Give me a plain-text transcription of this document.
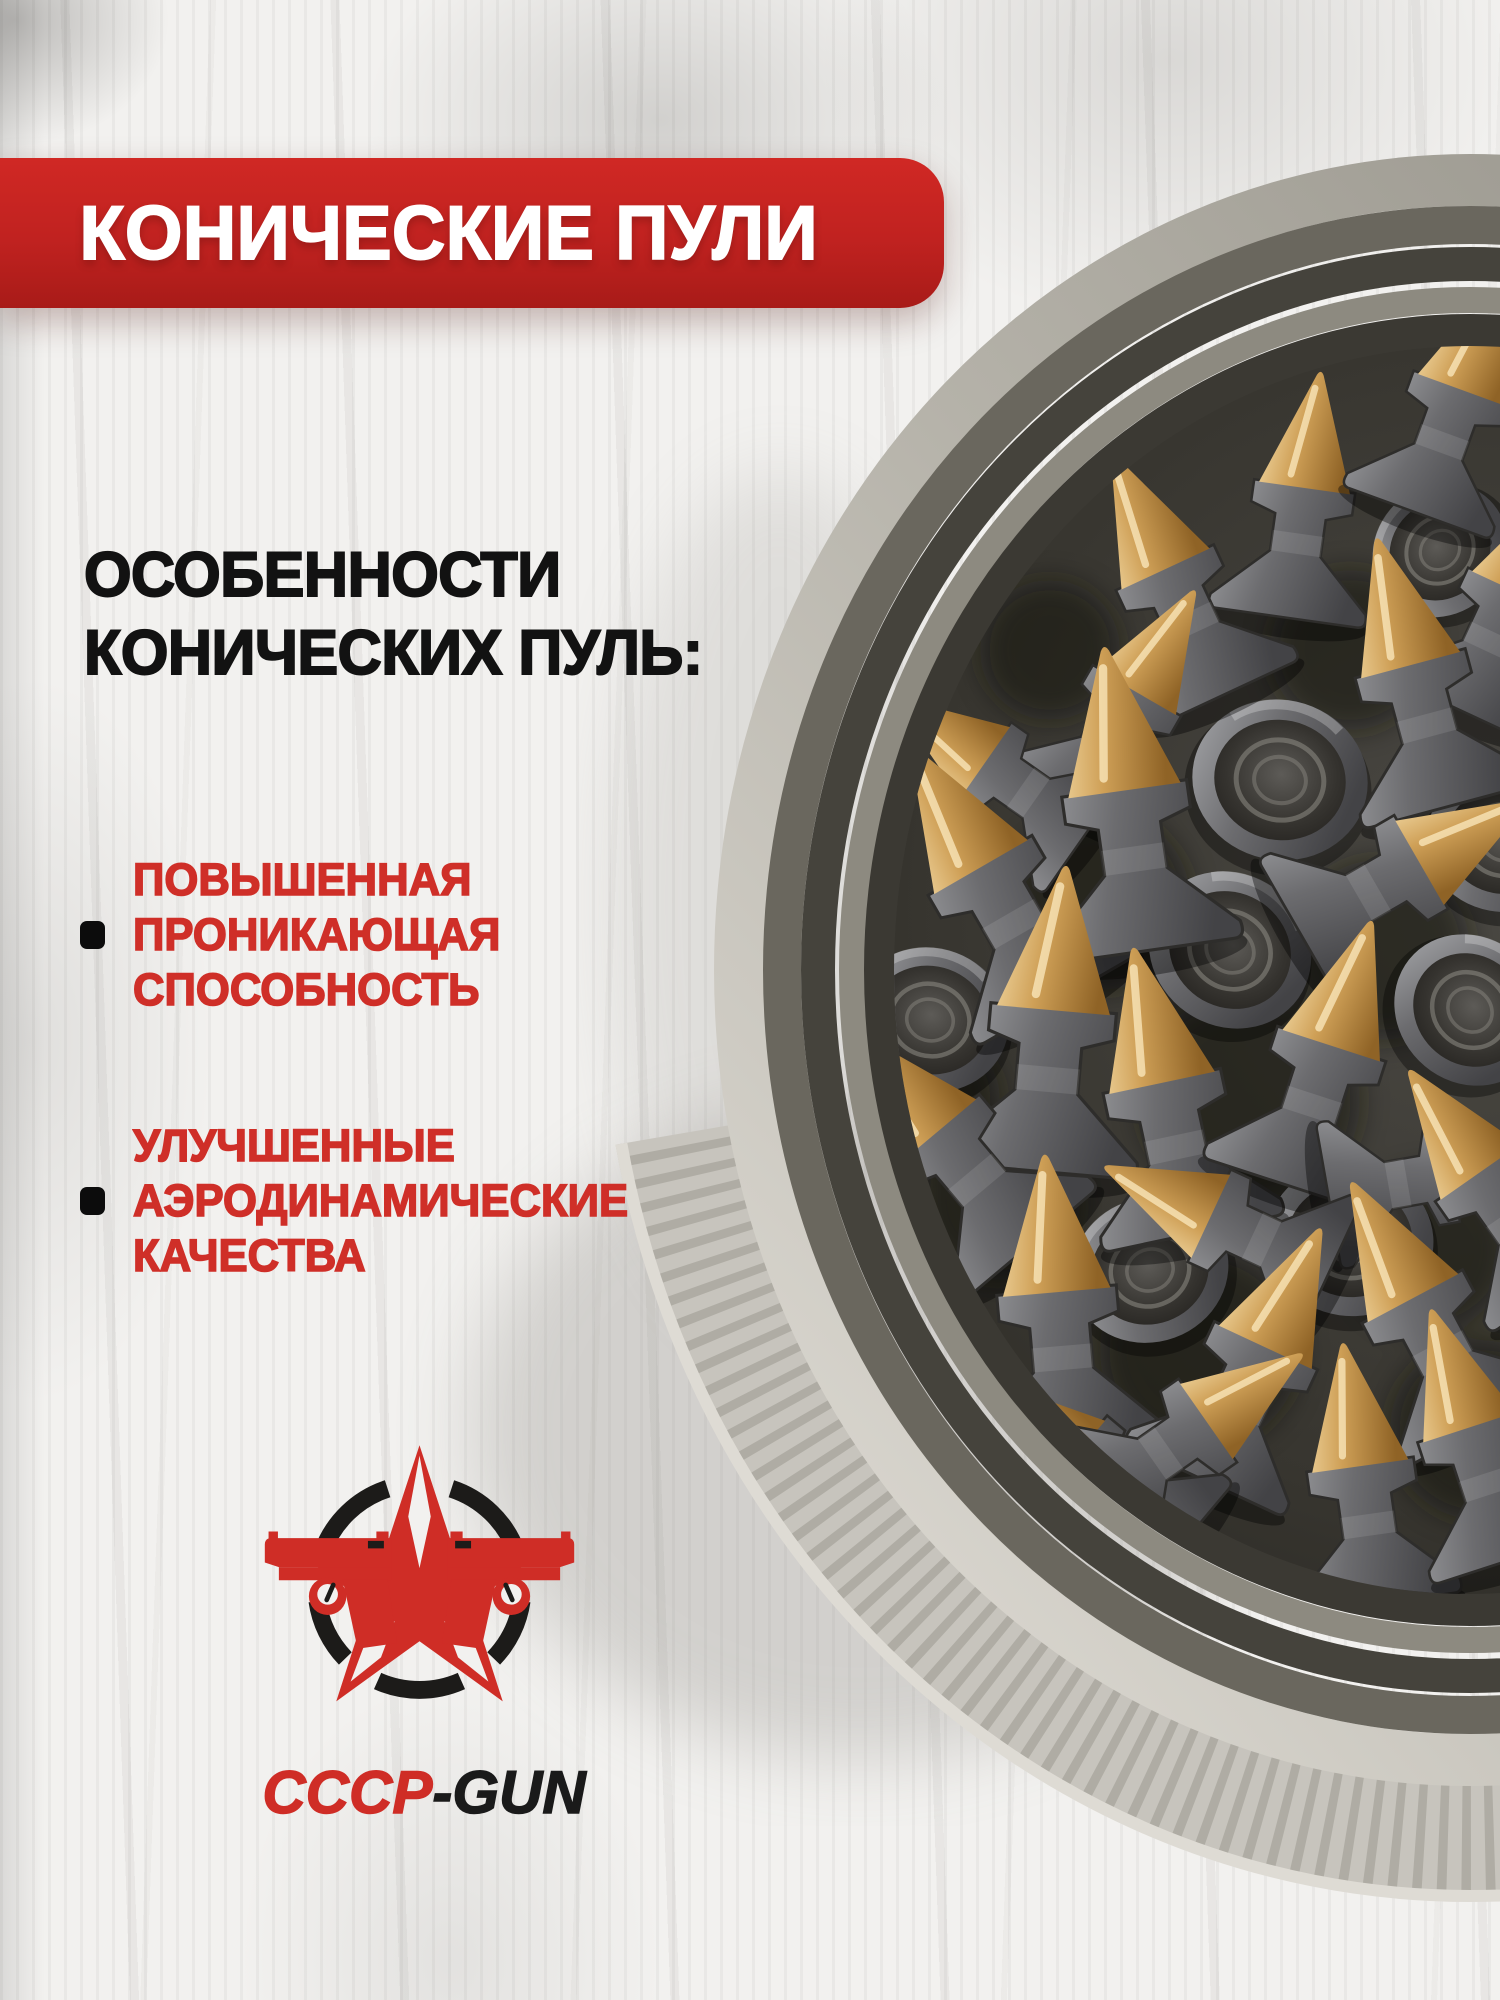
КОНИЧЕСКИЕ ПУЛИ
ОСОБЕННОСТИ
КОНИЧЕСКИХ ПУЛЬ:
ПОВЫШЕННАЯ
ПРОНИКАЮЩАЯ
СПОСОБНОСТЬ
УЛУЧШЕННЫЕ
АЭРОДИНАМИЧЕСКИЕ
КАЧЕСТВА
СССР-GUN
